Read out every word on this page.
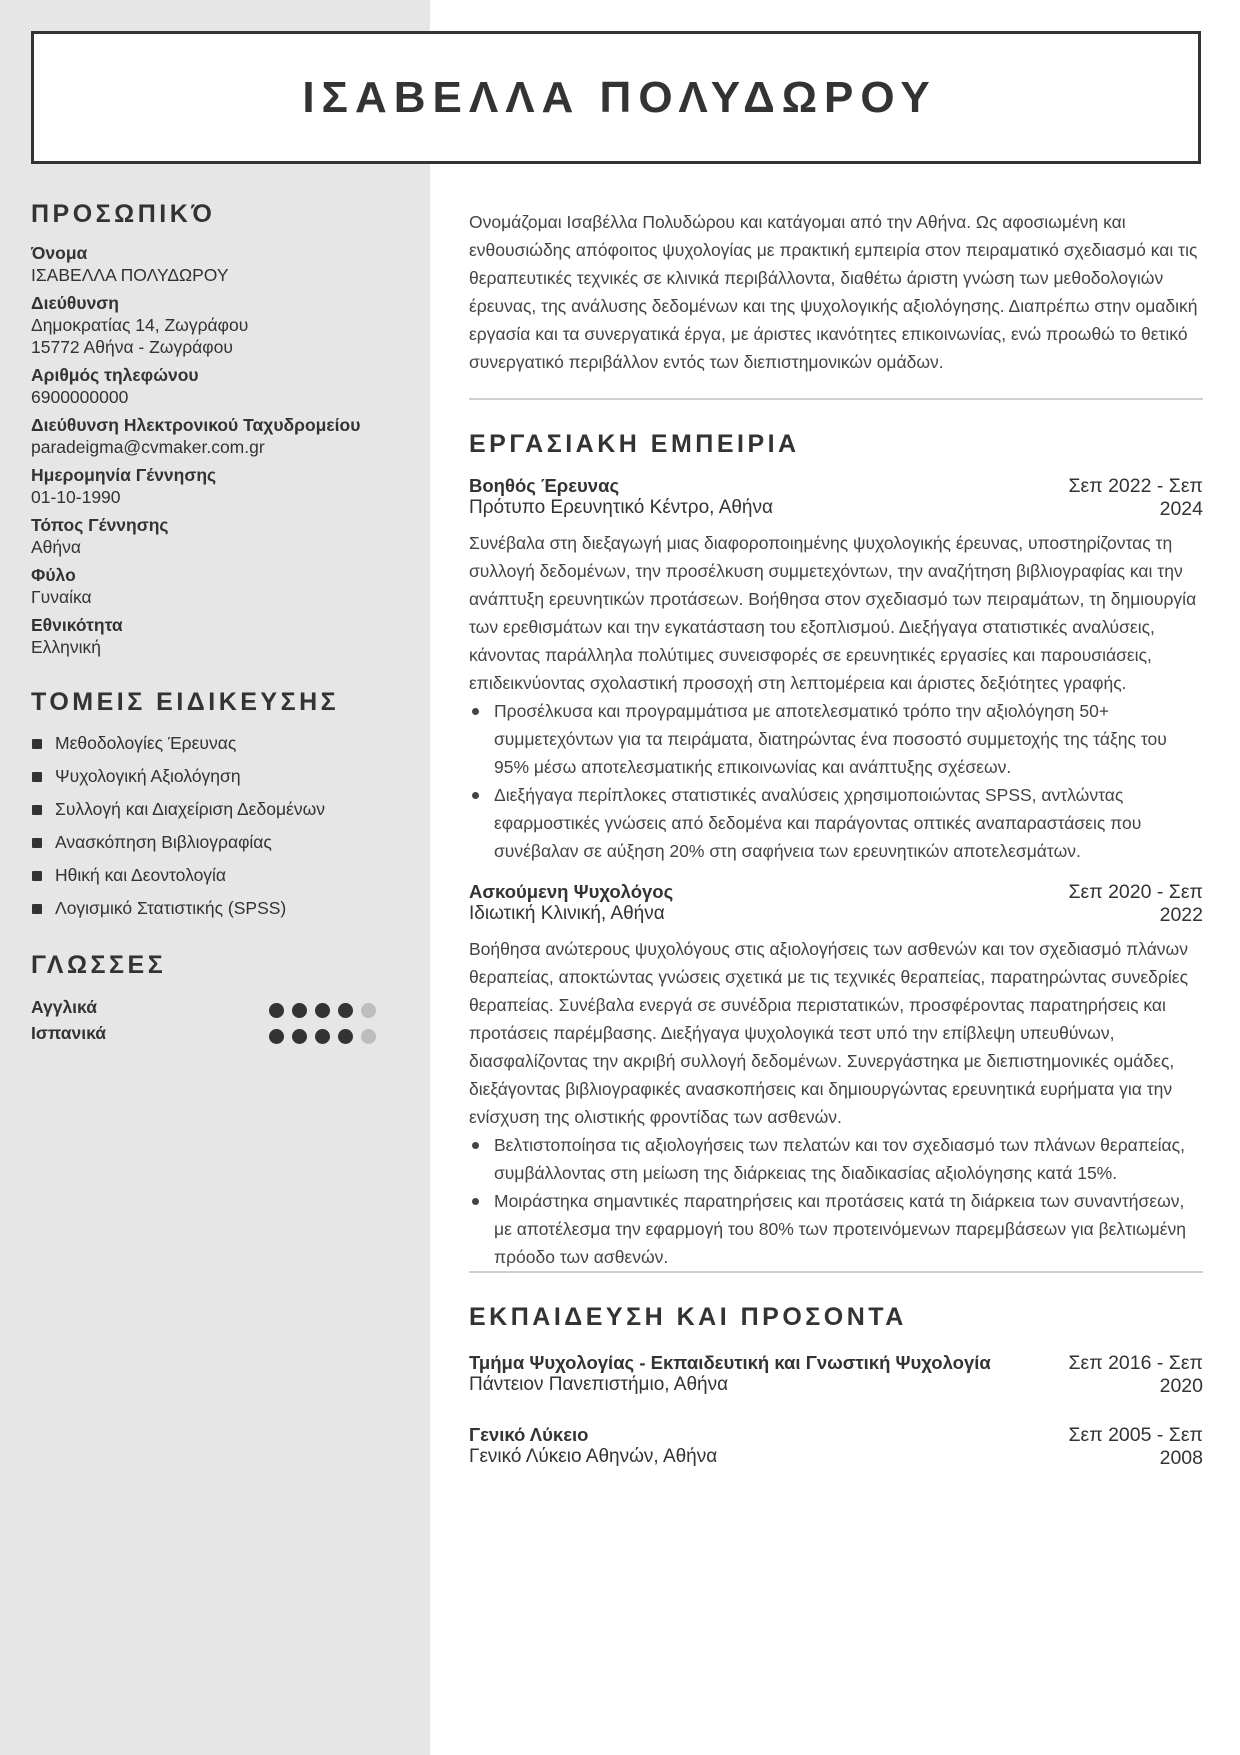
ΙΣΑΒΕΛΛΑ ΠΟΛΥΔΩΡΟΥ
ΠΡΟΣΩΠΙΚΌ
Όνομα
ΙΣΑΒΕΛΛΑ ΠΟΛΥΔΩΡΟΥ
Διεύθυνση
Δημοκρατίας 14, Ζωγράφου
15772 Αθήνα - Ζωγράφου
Αριθμός τηλεφώνου
6900000000
Διεύθυνση Ηλεκτρονικού Ταχυδρομείου
paradeigma@cvmaker.com.gr
Ημερομηνία Γέννησης
01-10-1990
Τόπος Γέννησης
Αθήνα
Φύλο
Γυναίκα
Εθνικότητα
Ελληνική
ΤΟΜΕΙΣ ΕΙΔΙΚΕΥΣΗΣ
Μεθοδολογίες Έρευνας
Ψυχολογική Αξιολόγηση
Συλλογή και Διαχείριση Δεδομένων
Ανασκόπηση Βιβλιογραφίας
Ηθική και Δεοντολογία
Λογισμικό Στατιστικής (SPSS)
ΓΛΩΣΣΕΣ
Αγγλικά
Ισπανικά

Ονομάζομαι Ισαβέλλα Πολυδώρου και κατάγομαι από την Αθήνα. Ως αφοσιωμένη και ενθουσιώδης απόφοιτος ψυχολογίας με πρακτική εμπειρία στον πειραματικό σχεδιασμό και τις θεραπευτικές τεχνικές σε κλινικά περιβάλλοντα, διαθέτω άριστη γνώση των μεθοδολογιών έρευνας, της ανάλυσης δεδομένων και της ψυχολογικής αξιολόγησης. Διαπρέπω στην ομαδική εργασία και τα συνεργατικά έργα, με άριστες ικανότητες επικοινωνίας, ενώ προωθώ το θετικό συνεργατικό περιβάλλον εντός των διεπιστημονικών ομάδων.

ΕΡΓΑΣΙΑΚΗ ΕΜΠΕΙΡΙΑ
Βοηθός Έρευνας
Πρότυπο Ερευνητικό Κέντρο, Αθήνα
Σεπ 2022 - Σεπ 2024

Συνέβαλα στη διεξαγωγή μιας διαφοροποιημένης ψυχολογικής έρευνας, υποστηρίζοντας τη συλλογή δεδομένων, την προσέλκυση συμμετεχόντων, την αναζήτηση βιβλιογραφίας και την ανάπτυξη ερευνητικών προτάσεων. Βοήθησα στον σχεδιασμό των πειραμάτων, τη δημιουργία των ερεθισμάτων και την εγκατάσταση του εξοπλισμού. Διεξήγαγα στατιστικές αναλύσεις, κάνοντας παράλληλα πολύτιμες συνεισφορές σε ερευνητικές εργασίες και παρουσιάσεις, επιδεικνύοντας σχολαστική προσοχή στη λεπτομέρεια και άριστες δεξιότητες γραφής.

Προσέλκυσα και προγραμμάτισα με αποτελεσματικό τρόπο την αξιολόγηση 50+ συμμετεχόντων για τα πειράματα, διατηρώντας ένα ποσοστό συμμετοχής της τάξης του 95% μέσω αποτελεσματικής επικοινωνίας και ανάπτυξης σχέσεων.
Διεξήγαγα περίπλοκες στατιστικές αναλύσεις χρησιμοποιώντας SPSS, αντλώντας εφαρμοστικές γνώσεις από δεδομένα και παράγοντας οπτικές αναπαραστάσεις που συνέβαλαν σε αύξηση 20% στη σαφήνεια των ερευνητικών αποτελεσμάτων.
Ασκούμενη Ψυχολόγος
Ιδιωτική Κλινική, Αθήνα
Σεπ 2020 - Σεπ 2022

Βοήθησα ανώτερους ψυχολόγους στις αξιολογήσεις των ασθενών και τον σχεδιασμό πλάνων θεραπείας, αποκτώντας γνώσεις σχετικά με τις τεχνικές θεραπείας, παρατηρώντας συνεδρίες θεραπείας. Συνέβαλα ενεργά σε συνέδρια περιστατικών, προσφέροντας παρατηρήσεις και προτάσεις παρέμβασης. Διεξήγαγα ψυχολογικά τεστ υπό την επίβλεψη υπευθύνων, διασφαλίζοντας την ακριβή συλλογή δεδομένων. Συνεργάστηκα με διεπιστημονικές ομάδες, διεξάγοντας βιβλιογραφικές ανασκοπήσεις και δημιουργώντας ερευνητικά ευρήματα για την ενίσχυση της ολιστικής φροντίδας των ασθενών.

Βελτιστοποίησα τις αξιολογήσεις των πελατών και τον σχεδιασμό των πλάνων θεραπείας, συμβάλλοντας στη μείωση της διάρκειας της διαδικασίας αξιολόγησης κατά 15%.
Μοιράστηκα σημαντικές παρατηρήσεις και προτάσεις κατά τη διάρκεια των συναντήσεων, με αποτέλεσμα την εφαρμογή του 80% των προτεινόμενων παρεμβάσεων για βελτιωμένη πρόοδο των ασθενών.
ΕΚΠΑΙΔΕΥΣΗ ΚΑΙ ΠΡΟΣΟΝΤΑ
Τμήμα Ψυχολογίας - Εκπαιδευτική και Γνωστική Ψυχολογία
Πάντειον Πανεπιστήμιο, Αθήνα
Σεπ 2016 - Σεπ 2020
Γενικό Λύκειο
Γενικό Λύκειο Αθηνών, Αθήνα
Σεπ 2005 - Σεπ 2008
